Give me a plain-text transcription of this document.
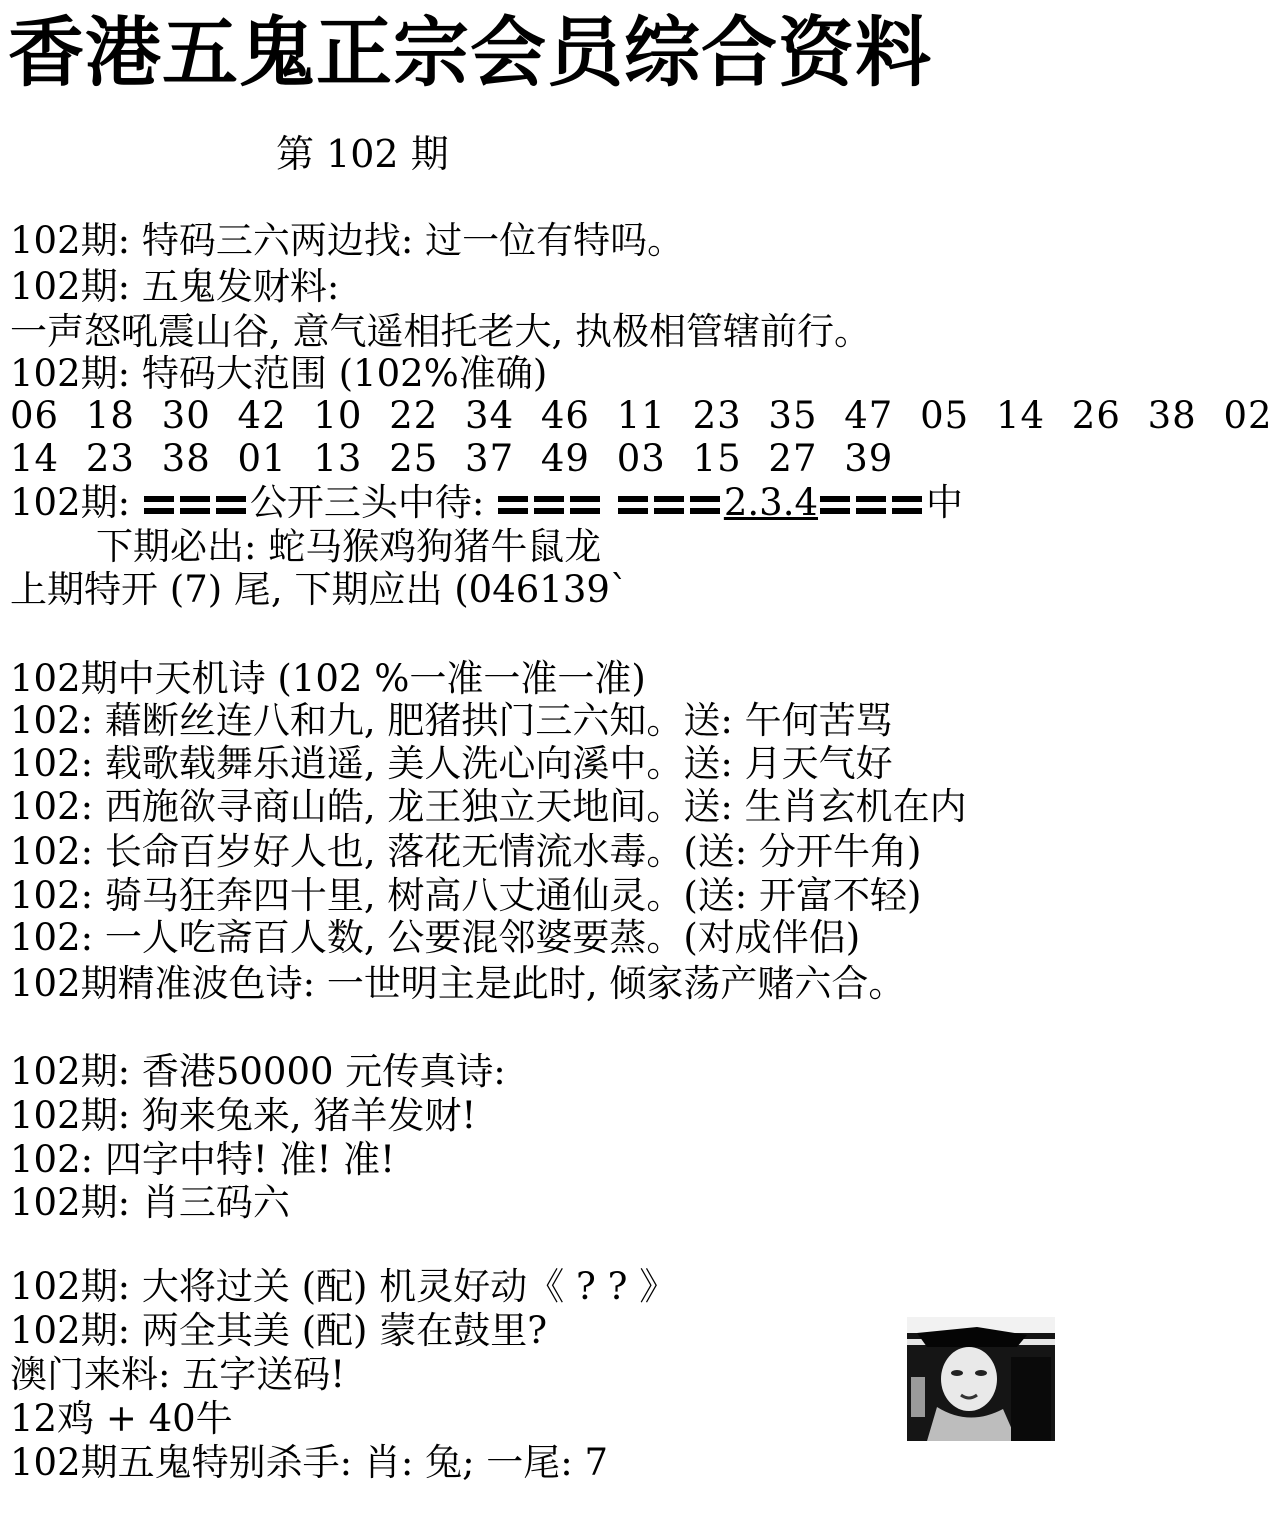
香港五鬼正宗会员综合资料
第 102 期
102期: 特码三六两边找: 过一位有特吗。
102期: 五鬼发财料:
一声怒吼震山谷, 意气遥相托老大, 执极相管辖前行。
102期: 特码大范围 (102%准确)
06 18 30 42 10 22 34 46 11 23 35 47 05 14 26 38 02
14 23 38 01 13 25 37 49 03 15 27 39
102期:	公开三头中待:	2.3.4	中
下期必出: 蛇马猴鸡狗猪牛鼠龙
上期特开 (7) 尾, 下期应出 (046139`
102期中天机诗 (102 %一准一准一准)
102: 藉断丝连八和九, 肥猪拱门三六知。送: 午何苦骂
102: 载歌载舞乐逍遥, 美人洗心向溪中。送: 月天气好
102: 西施欲寻商山皓, 龙王独立天地间。送: 生肖玄机在内
102: 长命百岁好人也, 落花无情流水毒。(送: 分开牛角)
102: 骑马狂奔四十里, 树高八丈通仙灵。(送: 开富不轻)
102: 一人吃斋百人数, 公要混邻婆要蒸。(对成伴侣)
102期精准波色诗: 一世明主是此时, 倾家荡产赌六合。
102期: 香港50000 元传真诗:
102期: 狗来兔来, 猪羊发财!
102: 四字中特! 准! 准!
102期: 肖三码六
102期: 大将过关 (配) 机灵好动《 ? ? 》
102期: 两全其美 (配) 蒙在鼓里?
澳门来料: 五字送码!
12鸡 + 40牛
102期五鬼特别杀手: 肖: 兔; 一尾: 7
